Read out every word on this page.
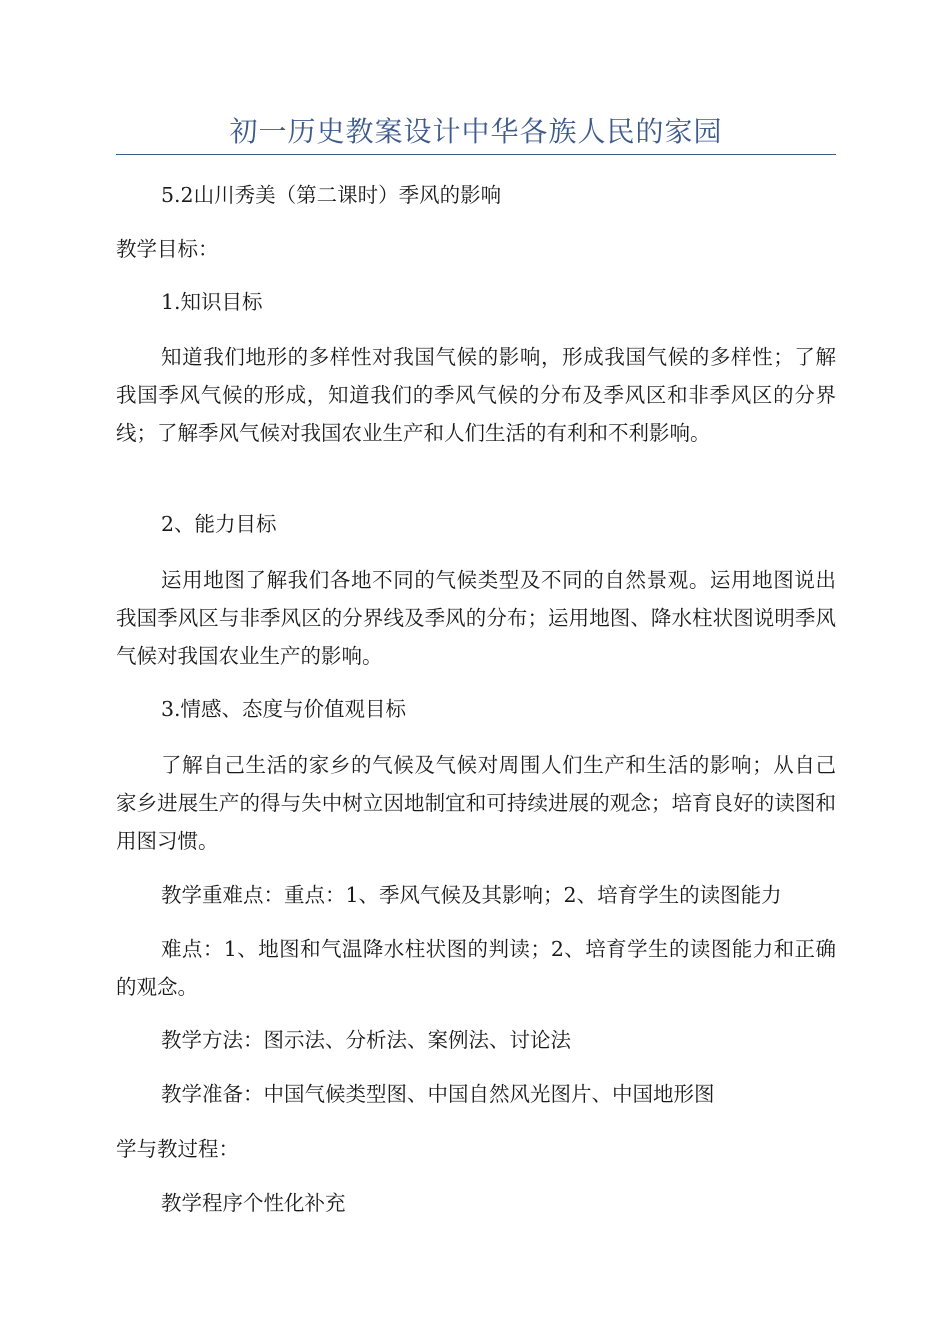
初一历史教案设计中华各族人民的家园

5.2山川秀美（第二课时）季风的影响

教学目标：

1.知识目标

知道我们地形的多样性对我国气候的影响，形成我国气候的多样性；了解我国季风气候的形成，知道我们的季风气候的分布及季风区和非季风区的分界线；了解季风气候对我国农业生产和人们生活的有利和不利影响。

2、能力目标

运用地图了解我们各地不同的气候类型及不同的自然景观。运用地图说出我国季风区与非季风区的分界线及季风的分布；运用地图、降水柱状图说明季风气候对我国农业生产的影响。

3.情感、态度与价值观目标

了解自己生活的家乡的气候及气候对周围人们生产和生活的影响；从自己家乡进展生产的得与失中树立因地制宜和可持续进展的观念；培育良好的读图和用图习惯。

教学重难点：重点：1、季风气候及其影响；2、培育学生的读图能力

难点：1、地图和气温降水柱状图的判读；2、培育学生的读图能力和正确的观念。

教学方法：图示法、分析法、案例法、讨论法

教学准备：中国气候类型图、中国自然风光图片、中国地形图

学与教过程：

教学程序个性化补充
